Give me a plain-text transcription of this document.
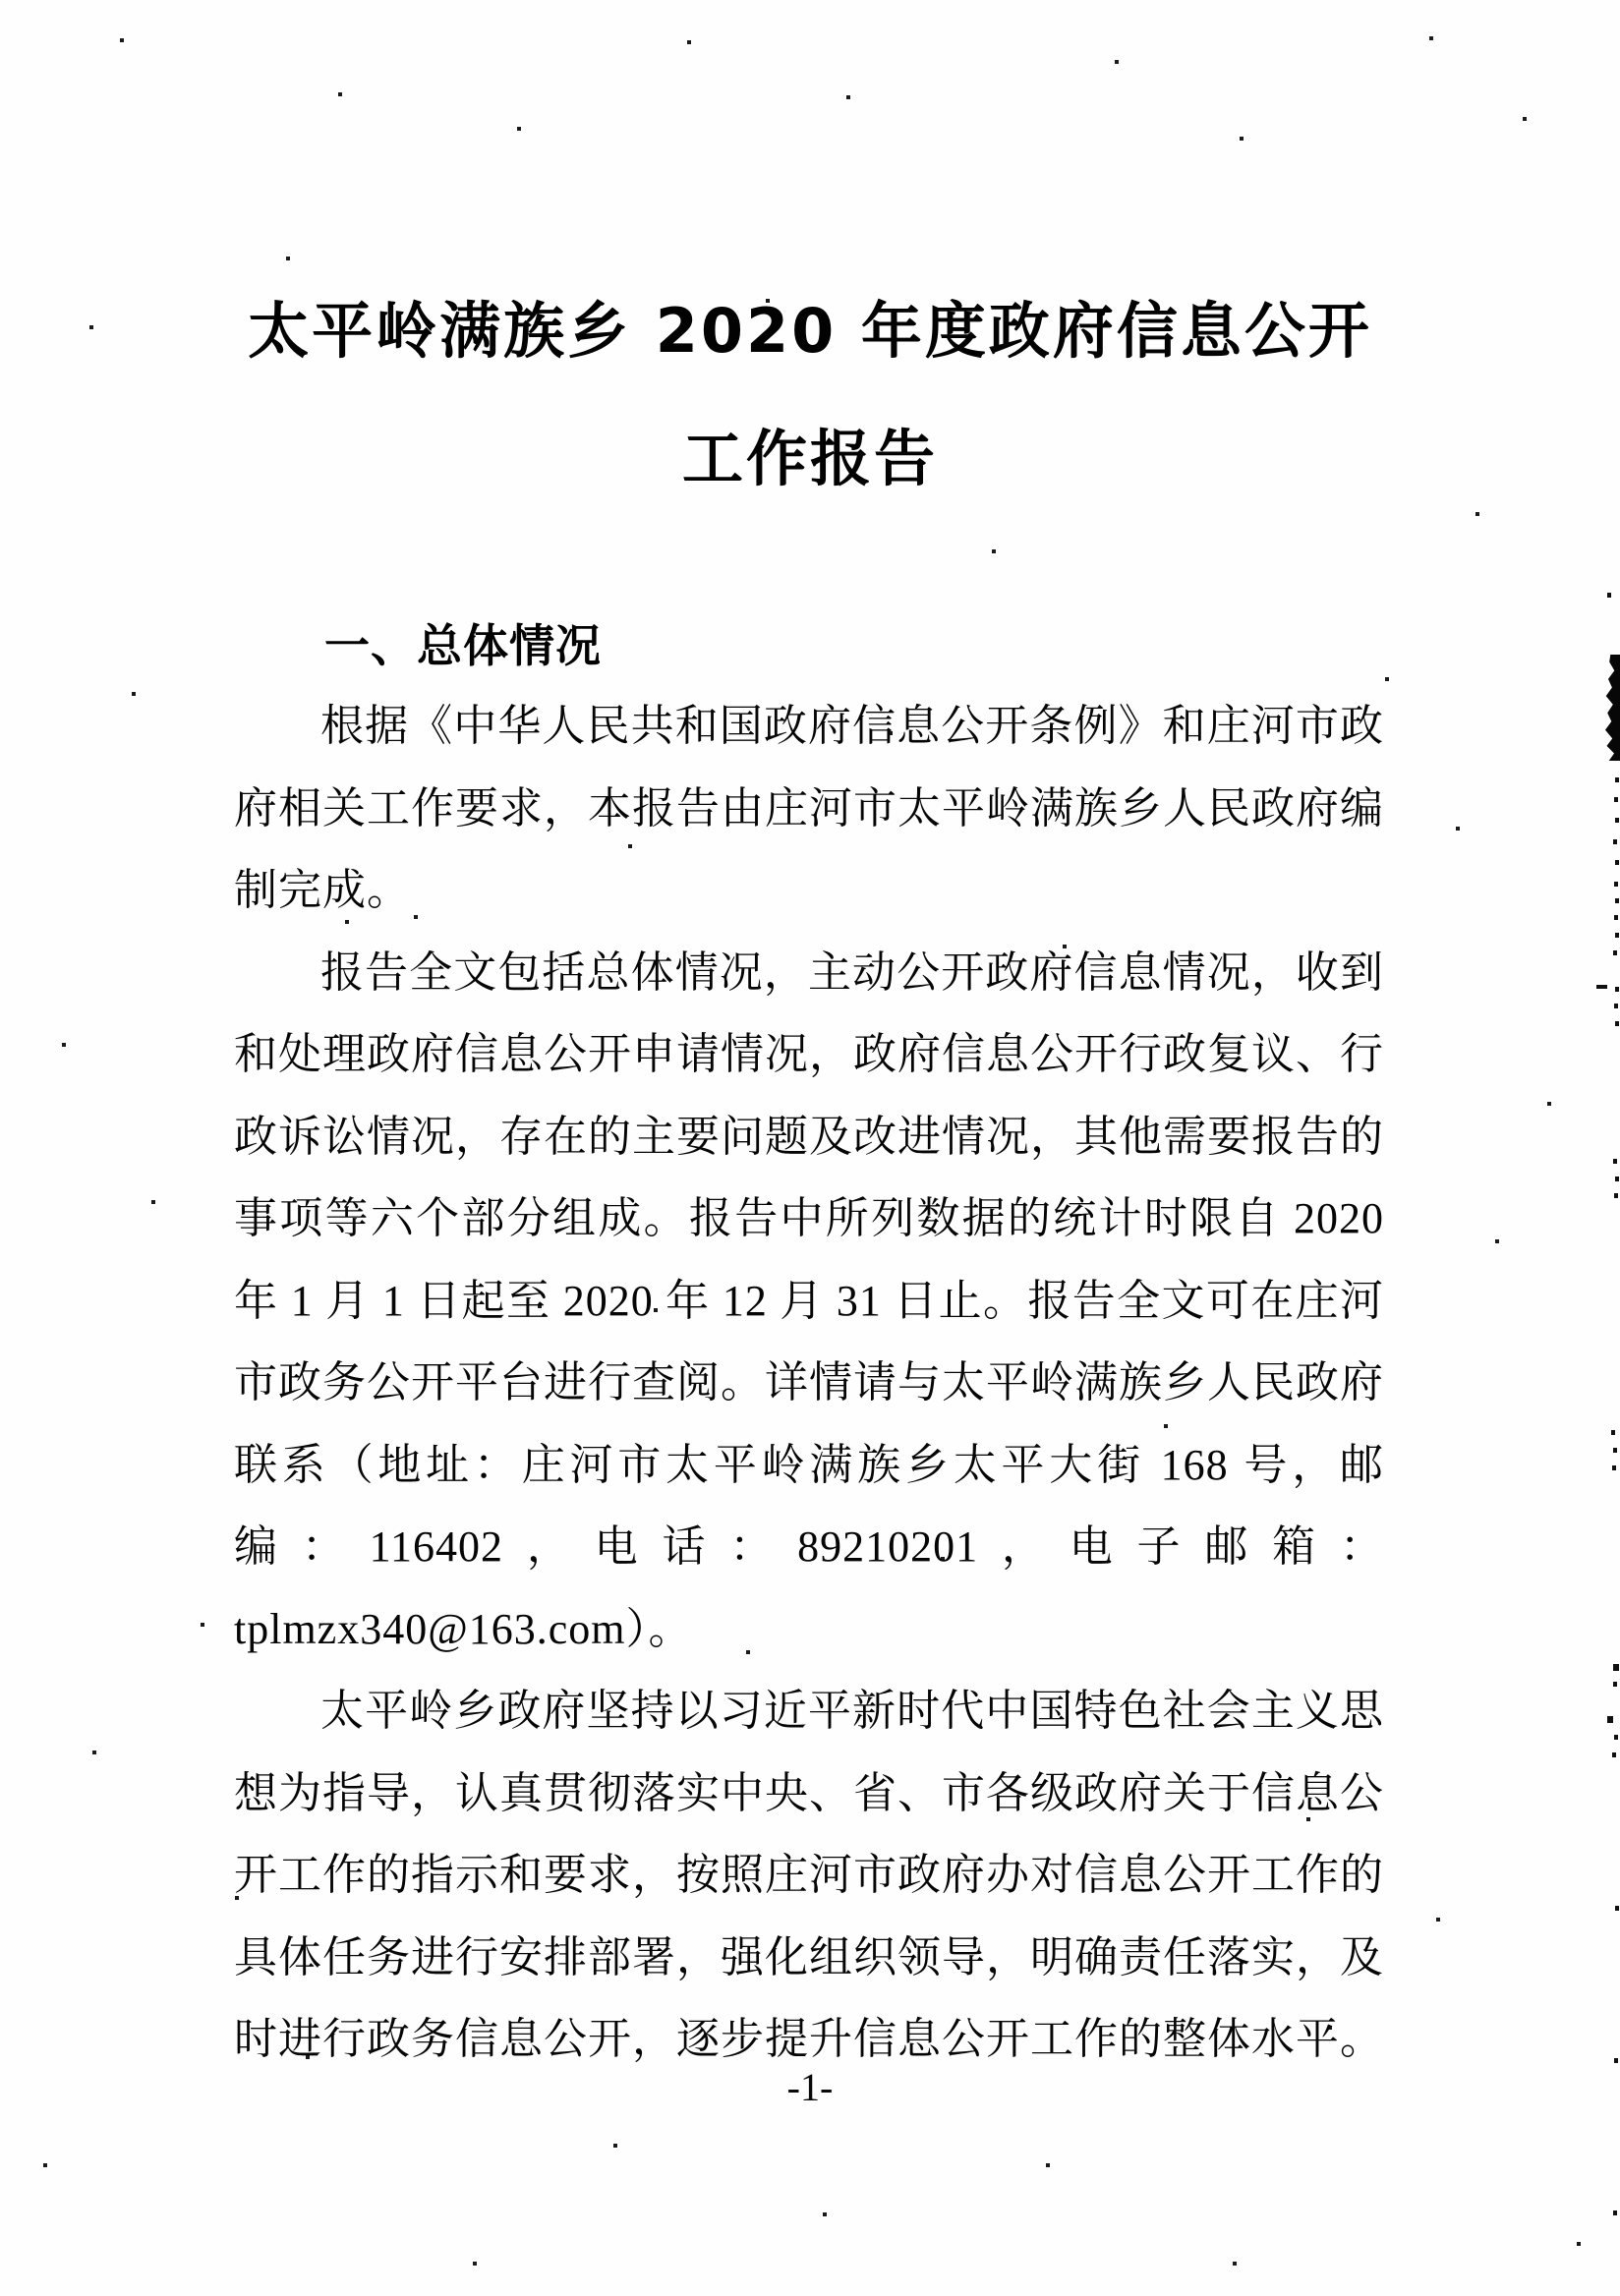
太平岭满族乡 2020 年度政府信息公开
工作报告
一、总体情况

根据《中华人民共和国政府信息公开条例》和庄河市政府相关工作要求，本报告由庄河市太平岭满族乡人民政府编制完成。

报告全文包括总体情况，主动公开政府信息情况，收到和处理政府信息公开申请情况，政府信息公开行政复议、行政诉讼情况，存在的主要问题及改进情况，其他需要报告的事项等六个部分组成。报告中所列数据的统计时限自 2020 年 1 月 1 日起至 2020 年 12 月 31 日止。报告全文可在庄河市政务公开平台进行查阅。详情请与太平岭满族乡人民政府联系（地址：庄河市太平岭满族乡太平大街 168 号，邮编：116402，电话：89210201，电子邮箱：tplmzx340@163.com）。

太平岭乡政府坚持以习近平新时代中国特色社会主义思想为指导，认真贯彻落实中央、省、市各级政府关于信息公开工作的指示和要求，按照庄河市政府办对信息公开工作的具体任务进行安排部署，强化组织领导，明确责任落实，及时进行政务信息公开，逐步提升信息公开工作的整体水平。

-1-
